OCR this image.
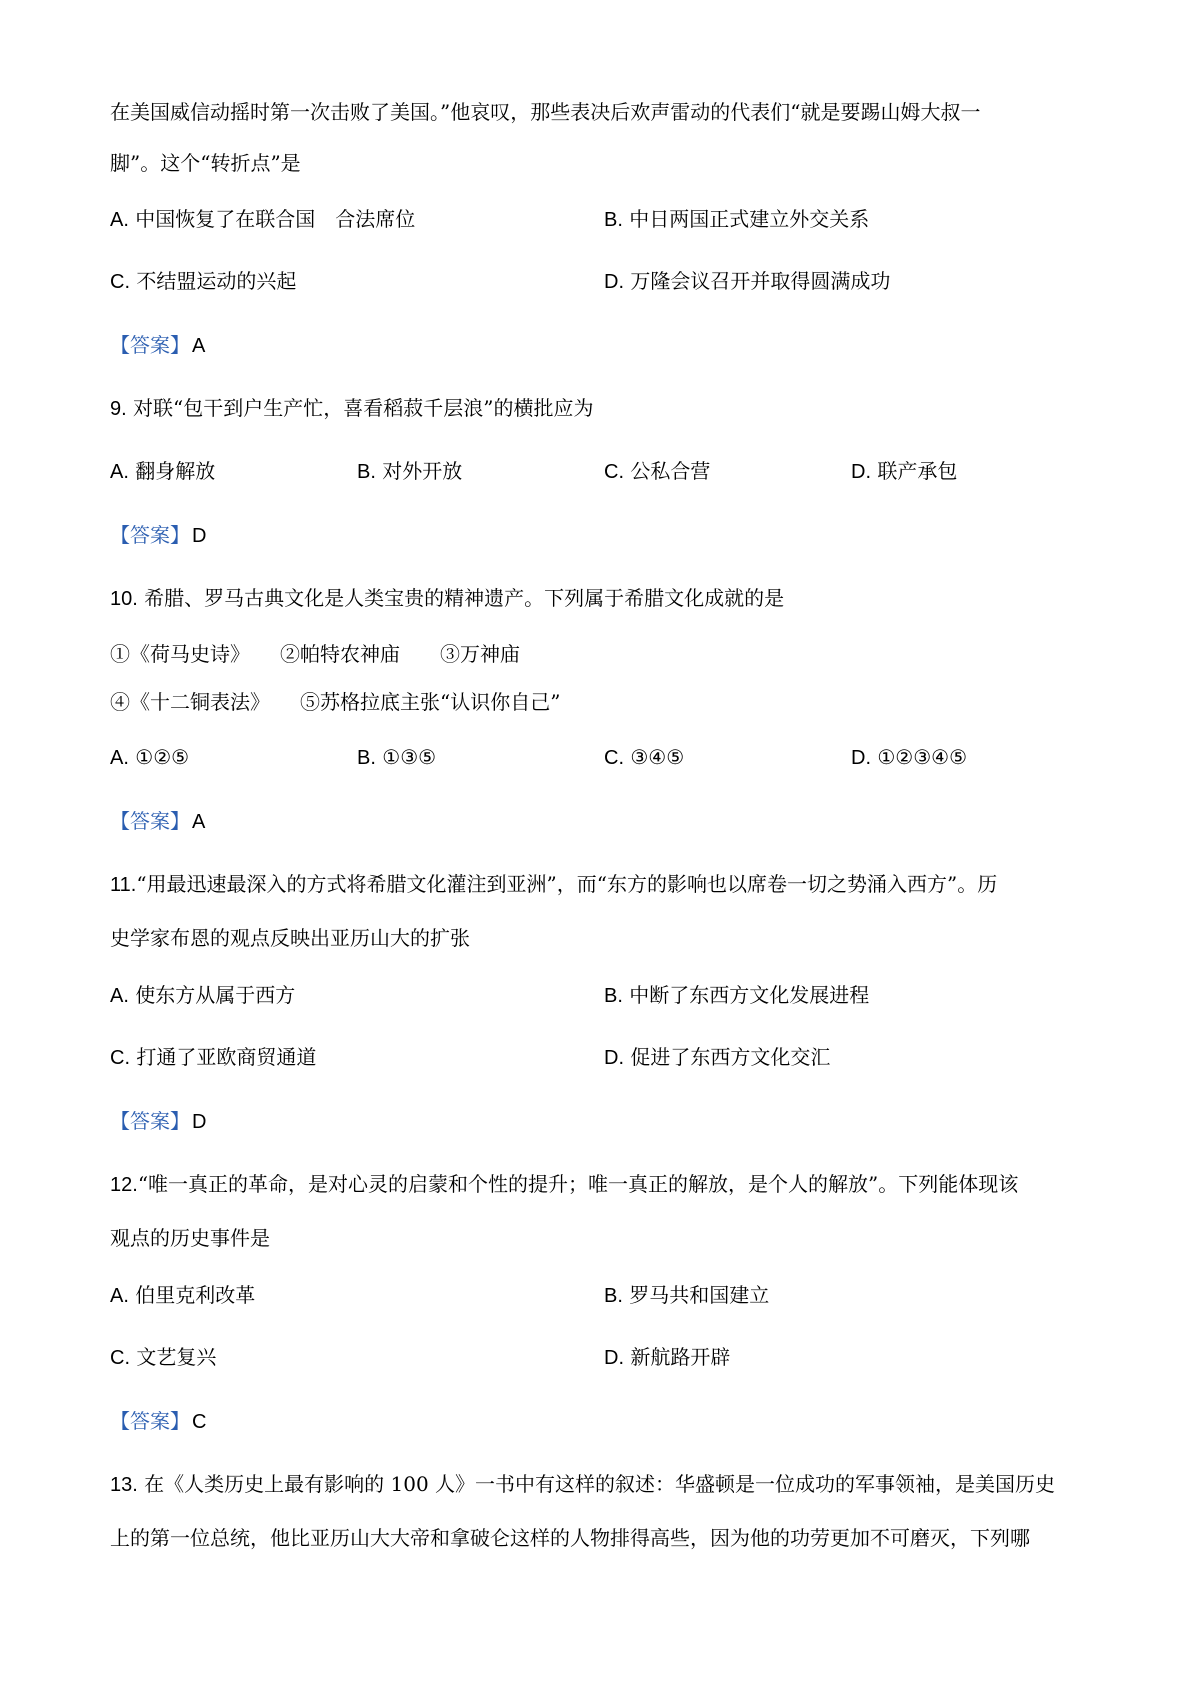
在美国威信动摇时第一次击败了美国。”他哀叹，那些表决后欢声雷动的代表们“就是要踢山姆大叔一
脚”。这个“转折点”是
A. 中国恢复了在联合国　合法席位	B. 中日两国正式建立外交关系
C. 不结盟运动的兴起	D. 万隆会议召开并取得圆满成功
【答案】 A
9. 对联“包干到户生产忙，喜看稻菽千层浪”的横批应为
A. 翻身解放	B. 对外开放	C. 公私合营	D. 联产承包
【答案】 D
10. 希腊、罗马古典文化是人类宝贵的精神遗产。下列属于希腊文化成就的是
①《荷马史诗》　　②帕特农神庙　　③万神庙
④《十二铜表法》　　⑤苏格拉底主张“认识你自己”
A. ①②⑤	B. ①③⑤	C. ③④⑤	D. ①②③④⑤
【答案】 A
11.“用最迅速最深入的方式将希腊文化灌注到亚洲”，而“东方的影响也以席卷一切之势涌入西方”。历
史学家布恩的观点反映出亚历山大的扩张
A. 使东方从属于西方	B. 中断了东西方文化发展进程
C. 打通了亚欧商贸通道	D. 促进了东西方文化交汇
【答案】 D
12.“唯一真正的革命，是对心灵的启蒙和个性的提升；唯一真正的解放，是个人的解放”。下列能体现该
观点的历史事件是
A. 伯里克利改革	B. 罗马共和国建立
C. 文艺复兴	D. 新航路开辟
【答案】 C
13. 在《人类历史上最有影响的 100 人》一书中有这样的叙述：华盛顿是一位成功的军事领袖，是美国历史
上的第一位总统，他比亚历山大大帝和拿破仑这样的人物排得高些，因为他的功劳更加不可磨灭，下列哪
